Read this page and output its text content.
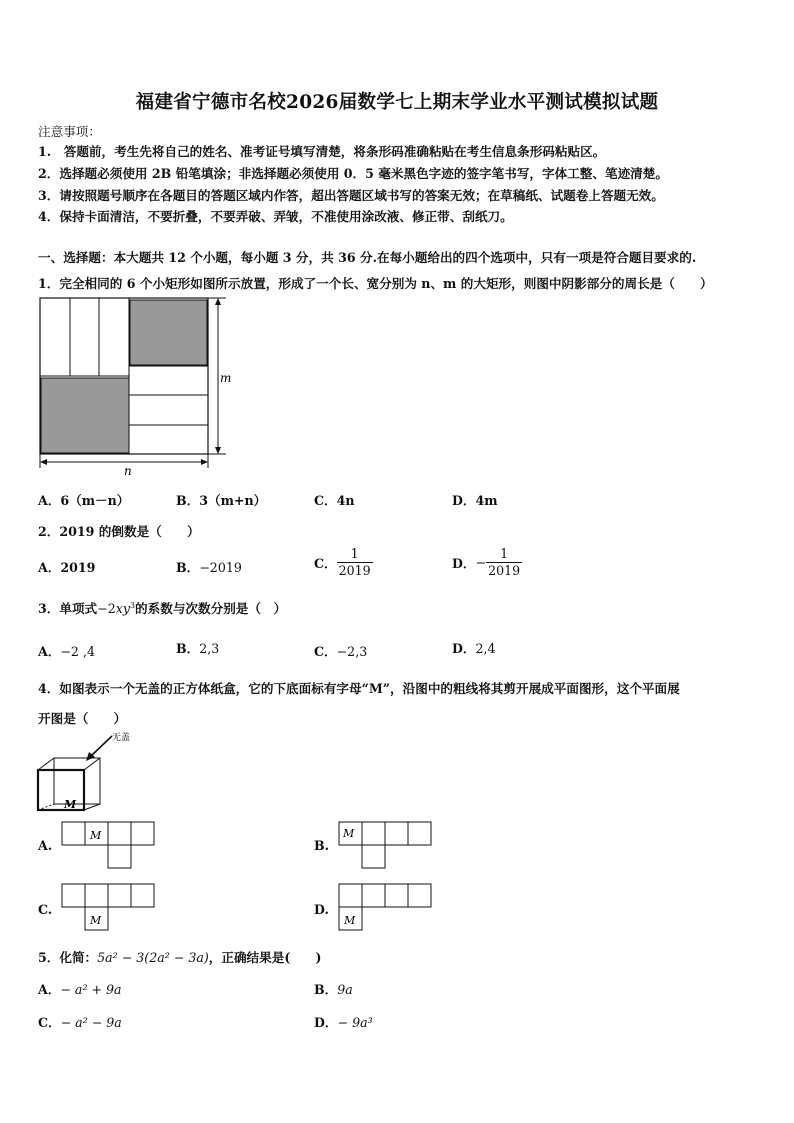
福建省宁德市名校2026届数学七上期末学业水平测试模拟试题
注意事项：
1.　答题前，考生先将自己的姓名、准考证号填写清楚，将条形码准确粘贴在考生信息条形码粘贴区。
2．选择题必须使用 2B 铅笔填涂；非选择题必须使用 0．5 毫米黑色字迹的签字笔书写，字体工整、笔迹清楚。
3．请按照题号顺序在各题目的答题区域内作答，超出答题区域书写的答案无效；在草稿纸、试题卷上答题无效。
4．保持卡面清洁，不要折叠，不要弄破、弄皱，不准使用涂改液、修正带、刮纸刀。
一、选择题：本大题共 12 个小题，每小题 3 分，共 36 分.在每小题给出的四个选项中，只有一项是符合题目要求的.
1．完全相同的 6 个小矩形如图所示放置，形成了一个长、宽分别为 n、m 的大矩形，则图中阴影部分的周长是（　　）
m
n
A．6（m－n）	B．3（m+n）	C．4n	D．4m
2．2019 的倒数是（　　）
A．2019	B．−2019	C． $\frac{1}{2019}$	D．− $\frac{1}{2019}$
3．单项式$-2xy^3$的系数与次数分别是（　）
A．−2 ,4	B．2,3	C．−2,3	D．2,4
4．如图表示一个无盖的正方体纸盒，它的下底面标有字母“M”，沿图中的粗线将其剪开展成平面图形，这个平面展
开图是（　　）
无盖
M
A.
M
B.
M
C.
M
D.
M
5．化简：5a² − 3(2a² − 3a)，正确结果是(　　)
A．− a² + 9a	B．9a
C．− a² − 9a	D．− 9a³
